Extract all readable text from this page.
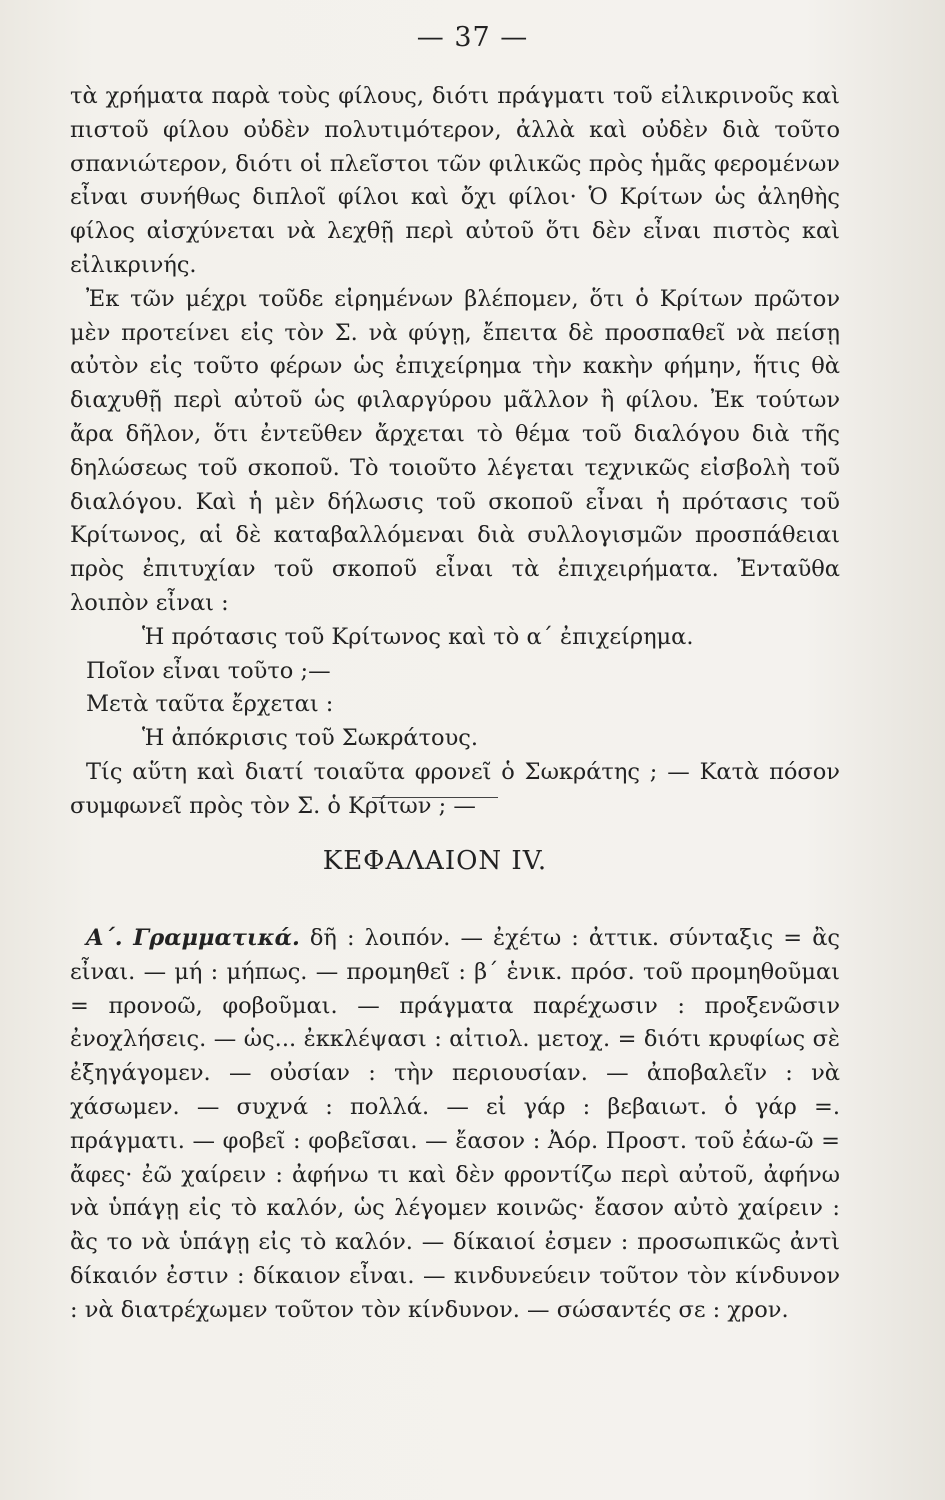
— 37 —

τὰ χρήματα παρὰ τοὺς φίλους, διότι πράγματι τοῦ εἰλικρινοῦς καὶ πιστοῦ φίλου οὐδὲν πολυτιμότερον, ἀλλὰ καὶ οὐδὲν διὰ τοῦτο σπανιώτερον, διότι οἱ πλεῖστοι τῶν φιλικῶς πρὸς ἡμᾶς φερομένων εἶναι συνήθως διπλοῖ φίλοι καὶ ὄχι φίλοι· Ὁ Κρίτων ὡς ἀληθὴς φίλος αἰσχύνεται νὰ λεχθῇ περὶ αὐτοῦ ὅτι δὲν εἶναι πιστὸς καὶ εἰλικρινής.

Ἐκ τῶν μέχρι τοῦδε εἰρημένων βλέπομεν, ὅτι ὁ Κρίτων πρῶτον μὲν προτείνει εἰς τὸν Σ. νὰ φύγῃ, ἔπειτα δὲ προσπαθεῖ νὰ πείσῃ αὐτὸν εἰς τοῦτο φέρων ὡς ἐπιχείρημα τὴν κακὴν φήμην, ἥτις θὰ διαχυθῇ περὶ αὐτοῦ ὡς φιλαργύρου μᾶλλον ἢ φίλου. Ἐκ τούτων ἄρα δῆλον, ὅτι ἐντεῦθεν ἄρχεται τὸ θέμα τοῦ διαλόγου διὰ τῆς δηλώσεως τοῦ σκοποῦ. Τὸ τοιοῦτο λέγεται τεχνικῶς εἰσβολὴ τοῦ διαλόγου. Καὶ ἡ μὲν δήλωσις τοῦ σκοποῦ εἶναι ἡ πρότασις τοῦ Κρίτωνος, αἱ δὲ καταβαλλόμεναι διὰ συλλογισμῶν προσπάθειαι πρὸς ἐπιτυχίαν τοῦ σκοποῦ εἶναι τὰ ἐπιχειρήματα. Ἐνταῦθα λοιπὸν εἶναι :

Ἡ πρότασις τοῦ Κρίτωνος καὶ τὸ α΄ ἐπιχείρημα.

Ποῖον εἶναι τοῦτο ;—

Μετὰ ταῦτα ἔρχεται :

Ἡ ἀπόκρισις τοῦ Σωκράτους.

Τίς αὕτη καὶ διατί τοιαῦτα φρονεῖ ὁ Σωκράτης ; — Κατὰ πόσον συμφωνεῖ πρὸς τὸν Σ. ὁ Κρίτων ; —

ΚΕΦΑΛΑΙΟΝ IV.

Α΄. Γραμματικά. δῆ : λοιπόν. — ἐχέτω : ἀττικ. σύνταξις = ἂς εἶναι. — μή : μήπως. — προμηθεῖ : β΄ ἑνικ. πρόσ. τοῦ προμηθοῦμαι = προνοῶ, φοβοῦμαι. — πράγματα παρέχωσιν : προξενῶσιν ἐνοχλήσεις. — ὡς... ἐκκλέψασι : αἰτιολ. μετοχ. = διότι κρυφίως σὲ ἐξηγάγομεν. — οὐσίαν : τὴν περιουσίαν. — ἀποβαλεῖν : νὰ χάσωμεν. — συχνά : πολλά. — εἰ γάρ : βεβαιωτ. ὁ γάρ =. πράγματι. — φοβεῖ : φοβεῖσαι. — ἔασον : Ἀόρ. Προστ. τοῦ ἐάω-ῶ = ἄφες· ἐῶ χαίρειν : ἀφήνω τι καὶ δὲν φροντίζω περὶ αὐτοῦ, ἀφήνω νὰ ὑπάγῃ εἰς τὸ καλόν, ὡς λέγομεν κοινῶς· ἔασον αὐτὸ χαίρειν : ἂς το νὰ ὑπάγῃ εἰς τὸ καλόν. — δίκαιοί ἐσμεν : προσωπικῶς ἀντὶ δίκαιόν ἐστιν : δίκαιον εἶναι. — κινδυνεύειν τοῦτον τὸν κίνδυνον : νὰ διατρέχωμεν τοῦτον τὸν κίνδυνον. — σώσαντές σε : χρον.
